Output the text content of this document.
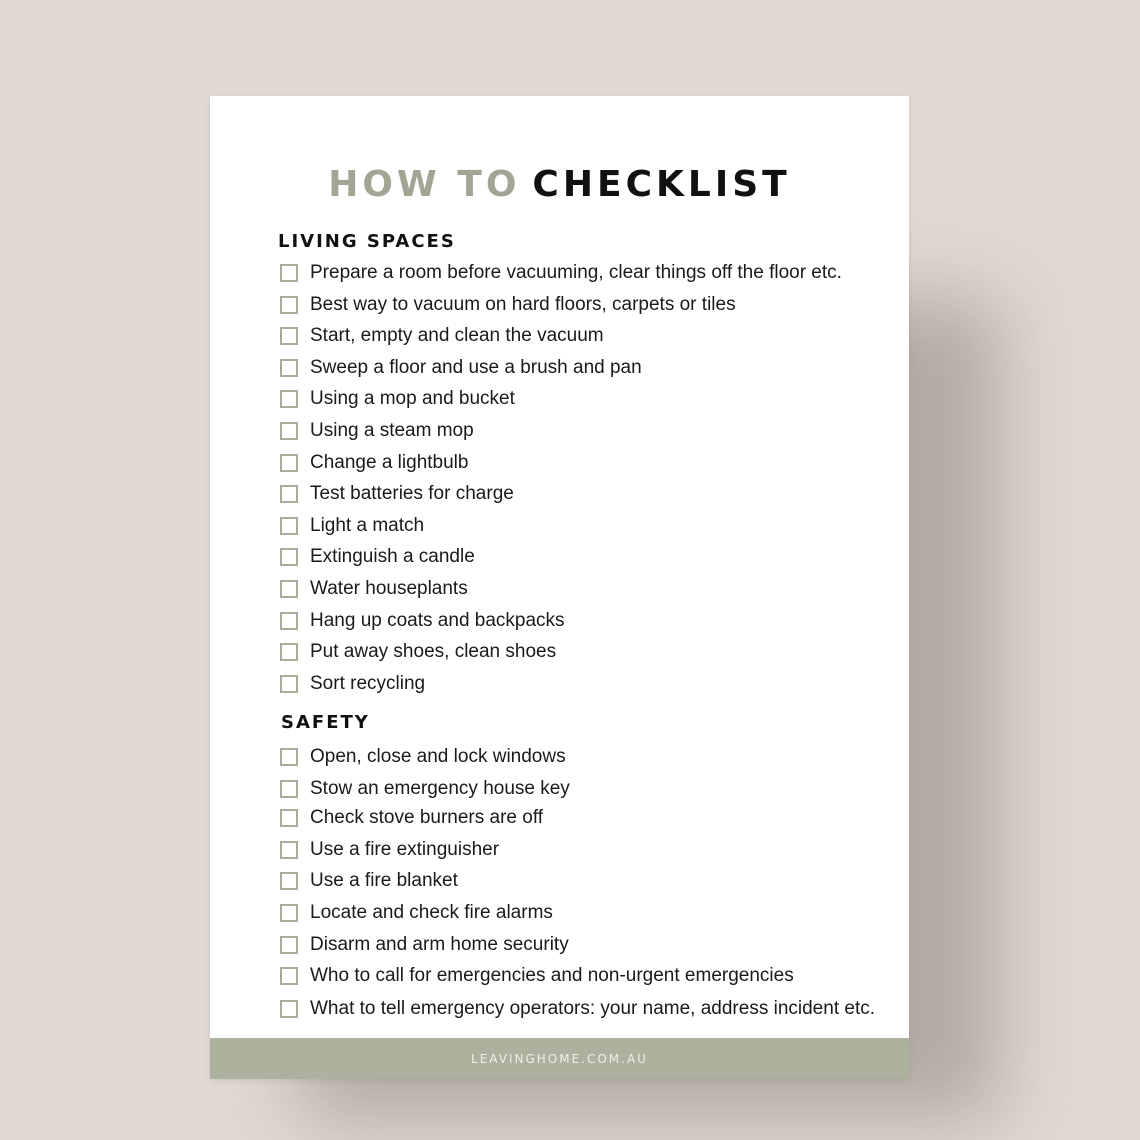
HOW TO CHECKLIST
LIVING SPACES
Prepare a room before vacuuming, clear things off the floor etc.
Best way to vacuum on hard floors, carpets or tiles
Start, empty and clean the vacuum
Sweep a floor and use a brush and pan
Using a mop and bucket
Using a steam mop
Change a lightbulb
Test batteries for charge
Light a match
Extinguish a candle
Water houseplants
Hang up coats and backpacks
Put away shoes, clean shoes
Sort recycling
SAFETY
Open, close and lock windows
Stow an emergency house key
Check stove burners are off
Use a fire extinguisher
Use a fire blanket
Locate and check fire alarms
Disarm and arm home security
Who to call for emergencies and non-urgent emergencies
What to tell emergency operators: your name, address incident etc.
LEAVINGHOME.COM.AU
